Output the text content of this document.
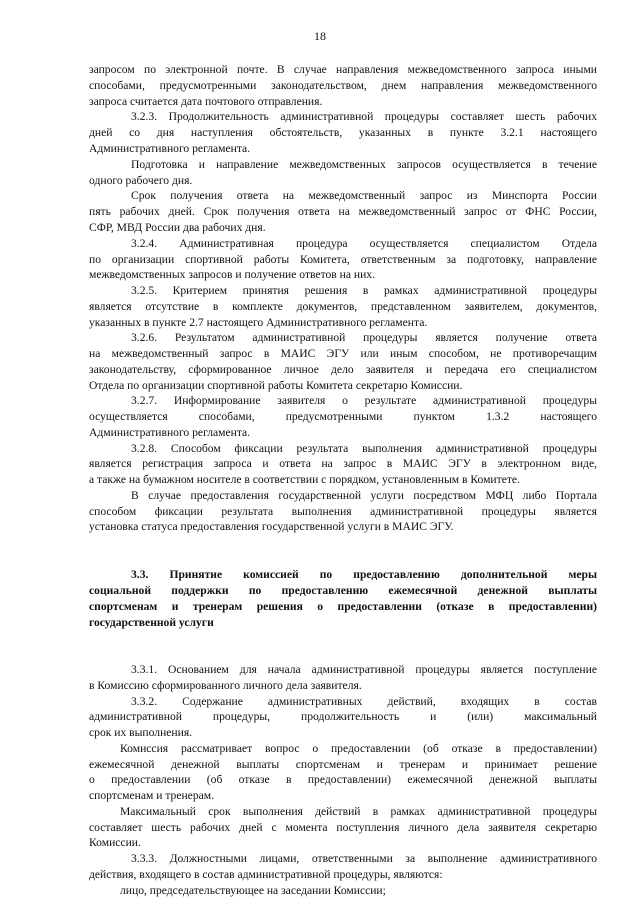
18
запросом по электронной почте. В случае направления межведомственного запроса иными
способами, предусмотренными законодательством, днем направления межведомственного
запроса считается дата почтового отправления.
3.2.3. Продолжительность административной процедуры составляет шесть рабочих
дней со дня наступления обстоятельств, указанных в пункте 3.2.1 настоящего
Административного регламента.
Подготовка и направление межведомственных запросов осуществляется в течение
одного рабочего дня.
Срок получения ответа на межведомственный запрос из Минспорта России
пять рабочих дней. Срок получения ответа на межведомственный запрос от ФНС России,
СФР, МВД России два рабочих дня.
3.2.4. Административная процедура осуществляется специалистом Отдела
по организации спортивной работы Комитета, ответственным за подготовку, направление
межведомственных запросов и получение ответов на них.
3.2.5. Критерием принятия решения в рамках административной процедуры
является отсутствие в комплекте документов, представленном заявителем, документов,
указанных в пункте 2.7 настоящего Административного регламента.
3.2.6. Результатом административной процедуры является получение ответа
на межведомственный запрос в МАИС ЭГУ или иным способом, не противоречащим
законодательству, сформированное личное дело заявителя и передача его специалистом
Отдела по организации спортивной работы Комитета секретарю Комиссии.
3.2.7. Информирование заявителя о результате административной процедуры
осуществляется способами, предусмотренными пунктом 1.3.2 настоящего
Административного регламента.
3.2.8. Способом фиксации результата выполнения административной процедуры
является регистрация запроса и ответа на запрос в МАИС ЭГУ в электронном виде,
а также на бумажном носителе в соответствии с порядком, установленным в Комитете.
В случае предоставления государственной услуги посредством МФЦ либо Портала
способом фиксации результата выполнения административной процедуры является
установка статуса предоставления государственной услуги в МАИС ЭГУ.
3.3. Принятие комиссией по предоставлению дополнительной меры
социальной поддержки по предоставлению ежемесячной денежной выплаты
спортсменам и тренерам решения о предоставлении (отказе в предоставлении)
государственной услуги
3.3.1. Основанием для начала административной процедуры является поступление
в Комиссию сформированного личного дела заявителя.
3.3.2. Содержание административных действий, входящих в состав
административной процедуры, продолжительность и (или) максимальный
срок их выполнения.
Комиссия рассматривает вопрос о предоставлении (об отказе в предоставлении)
ежемесячной денежной выплаты спортсменам и тренерам и принимает решение
о предоставлении (об отказе в предоставлении) ежемесячной денежной выплаты
спортсменам и тренерам.
Максимальный срок выполнения действий в рамках административной процедуры
составляет шесть рабочих дней с момента поступления личного дела заявителя секретарю
Комиссии.
3.3.3. Должностными лицами, ответственными за выполнение административного
действия, входящего в состав административной процедуры, являются:
лицо, председательствующее на заседании Комиссии;
